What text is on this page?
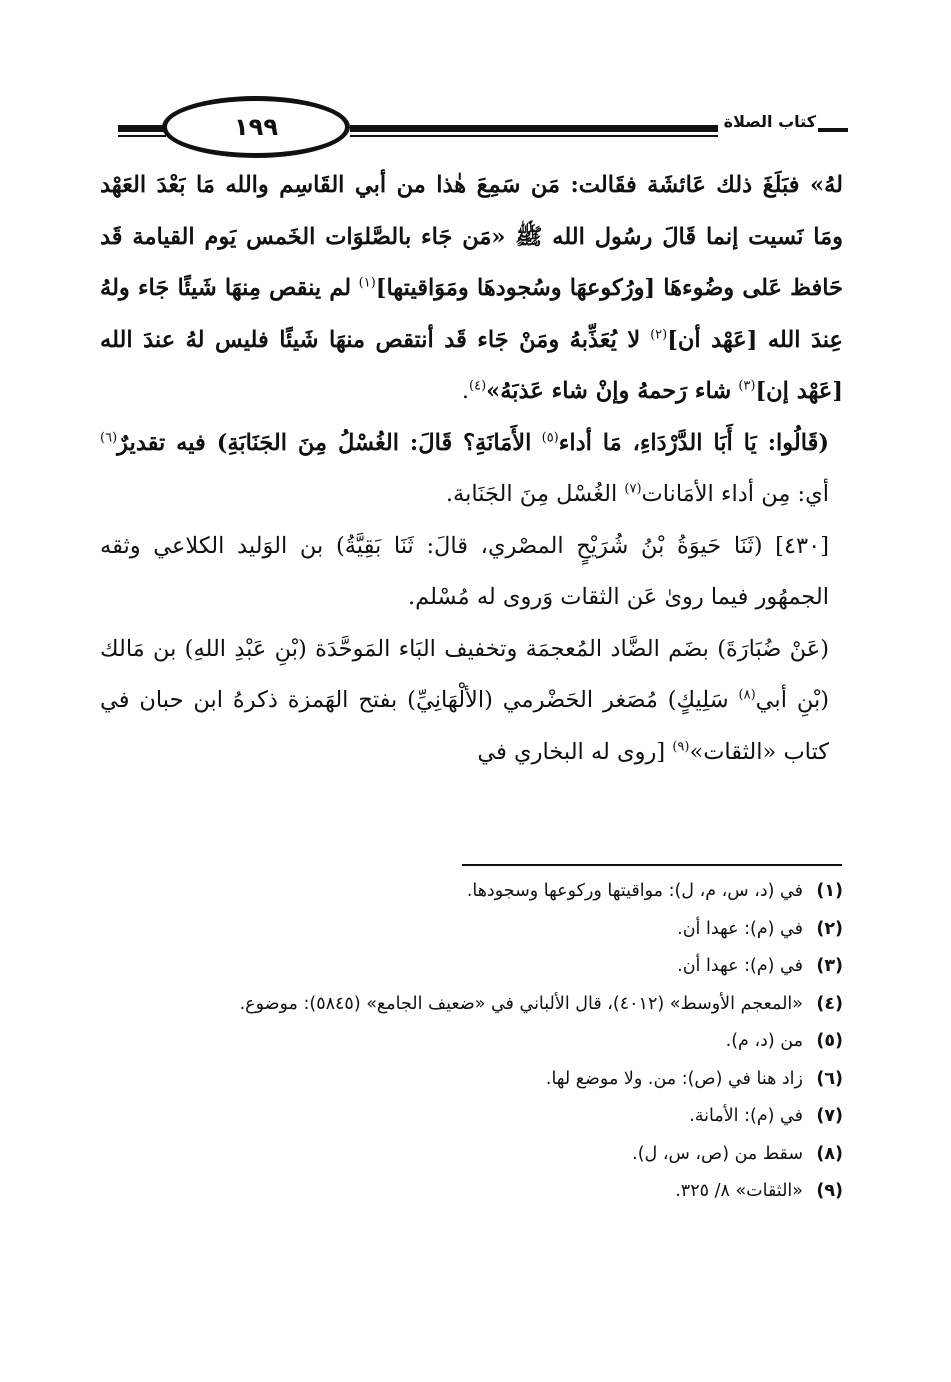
١٩٩	كتاب الصلاة

لهُ» فبَلَغَ ذلك عَائشَة فقَالت: مَن سَمِعَ هٰذا من أبي القَاسِم والله مَا بَعْدَ العَهْد ومَا نَسيت إنما قَالَ رسُول الله ﷺ «مَن جَاء بالصَّلوَات الخَمس يَوم القيامة قَد حَافظ عَلى وضُوءهَا [ورُكوعهَا وسُجودهَا ومَوَاقيتها]$^{(١)}$ لم ينقص مِنهَا شَيئًا جَاء ولهُ عِندَ الله [عَهْد أن]$^{(٢)}$ لا يُعَذِّبهُ ومَنْ جَاء قَد أنتقص منهَا شَيئًا فليس لهُ عندَ الله [عَهْد إن]$^{(٣)}$ شاء رَحمهُ وإنْ شاء عَذبَهُ»$^{(٤)}$.

(قَالُوا: يَا أَبَا الدَّرْدَاءِ، مَا أداء$^{(٥)}$ الأَمَانَةِ؟ قَالَ: الغُسْلُ مِنَ الجَنَابَةِ) فيه تقديرٌ$^{(٦)}$ أي: مِن أداء الأمَانات$^{(٧)}$ الغُسْل مِنَ الجَنَابة.

[٤٣٠] (ثَنَا حَيوَةُ بْنُ شُرَيْحٍ المصْري، قالَ: ثَنَا بَقِيَّةُ) بن الوَليد الكلاعي وثقه الجمهُور فيما روىٰ عَن الثقات وَروى له مُسْلم.

(عَنْ ضُبَارَةَ) بضَم الضَّاد المُعجمَة وتخفيف البَاء المَوحَّدَة (بْنِ عَبْدِ اللهِ) بن مَالك (بْنِ أبي$^{(٨)}$ سَلِيكٍ) مُصَغر الحَضْرمي (الألْهَانِيِّ) بفتح الهَمزة ذكرهُ ابن حبان في كتاب «الثقات»$^{(٩)}$ [روى له البخاري في

(١)
في (د، س، م، ل): مواقيتها وركوعها وسجودها.
(٢)
في (م): عهدا أن.
(٣)
في (م): عهدا أن.
(٤)
«المعجم الأوسط» (٤٠١٢)، قال الألباني في «ضعيف الجامع» (٥٨٤٥): موضوع.
(٥)
من (د، م).
(٦)
زاد هنا في (ص): من. ولا موضع لها.
(٧)
في (م): الأمانة.
(٨)
سقط من (ص، س، ل).
(٩)
«الثقات» ٨/ ٣٢٥.
